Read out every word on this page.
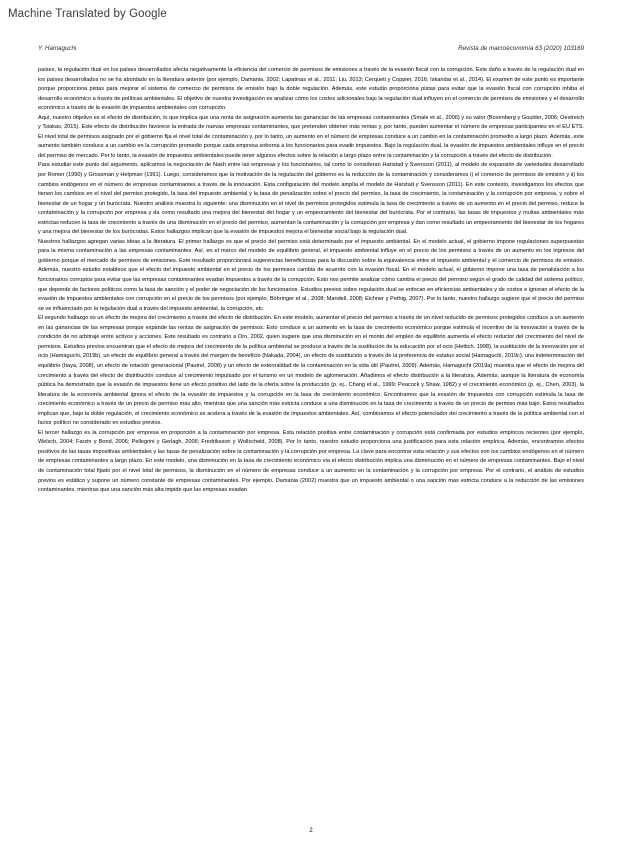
Machine Translated by Google
Y. Hamaguchi	Revista de macroeconomía 63 (2020) 103169

países, la regulación dual en los países desarrollados afecta negativamente la eficiencia del comercio de permisos de emisiones a través de la evasión fiscal con la corrupción. Este daño a través de la regulación dual en los países desarrollados no se ha abordado en la literatura anterior (por ejemplo, Damania, 2002; Lapatinas et al., 2011; Liu, 2013; Cerqueti y Coppier, 2016; Iskandar et al., 2014). El examen de este punto es importante porque proporciona pistas para mejorar el sistema de comercio de permisos de emisión bajo la doble regulación. Además, este estudio proporciona pistas para evitar que la evasión fiscal con corrupción inhiba el desarrollo económico a través de políticas ambientales. El objetivo de nuestra investigación es analizar cómo los costos adicionales bajo la regulación dual influyen en el comercio de permisos de emisiones y el desarrollo económico a través de la evasión de impuestos ambientales con corrupción.

Aquí, nuestro objetivo es el efecto de distribución, lo que implica que una renta de asignación aumenta las ganancias de las empresas contaminantes (Smale et al., 2006) y su valor (Bovenberg y Goulder, 2006; Oestreich y Tsiakas, 2015). Este efecto de distribución favorece la entrada de nuevas empresas contaminantes, que pretenden obtener más rentas y, por tanto, pueden aumentar el número de empresas participantes en el EU ETS. El nivel total de permisos asignado por el gobierno fija el nivel total de contaminación y, por lo tanto, un aumento en el número de empresas conduce a un cambio en la contaminación promedio a largo plazo. Además, este aumento también conduce a un cambio en la corrupción promedio porque cada empresa soborna a los funcionarios para evadir impuestos. Bajo la regulación dual, la evasión de impuestos ambientales influye en el precio del permiso de mercado. Por lo tanto, la evasión de impuestos ambientales puede tener algunos efectos sobre la relación a largo plazo entre la contaminación y la corrupción a través del efecto de distribución.

Para estudiar este punto del argumento, aplicamos la negociación de Nash entre las empresas y los funcionarios, tal como lo consideran Haristad y Svensson (2011), al modelo de expansión de variedades desarrollado por Romer (1990) y Grossman y Helpman (1991). Luego, consideramos que la motivación de la regulación del gobierno es la reducción de la contaminación y consideramos i) el comercio de permisos de emisión y ii) los cambios endógenos en el número de empresas contaminantes a través de la innovación. Esta configuración del modelo amplía el modelo de Harstad y Svensson (2011). En este contexto, investigamos los efectos que tienen los cambios en el nivel del permiso protegido, la tasa del impuesto ambiental y la tasa de penalización sobre el precio del permiso, la tasa de crecimiento, la contaminación y la corrupción por empresa, y sobre el bienestar de un hogar y un burócrata. Nuestro análisis muestra lo siguiente: una disminución en el nivel de permisos protegidos estimula la tasa de crecimiento a través de un aumento en el precio del permiso, reduce la contaminación y la corrupción por empresa y da como resultado una mejora del bienestar del hogar y un empeoramiento del bienestar del burócrata. Por el contrario, las tasas de impuestos y multas ambientales más estrictas reducen la tasa de crecimiento a través de una disminución en el precio del permiso, aumentan la contaminación y la corrupción por empresa y dan como resultado un empeoramiento del bienestar de los hogares y una mejora del bienestar de los burócratas. Estos hallazgos implican que la evasión de impuestos mejora el bienestar social bajo la regulación dual.

Nuestros hallazgos agregan varias ideas a la literatura. El primer hallazgo es que el precio del permiso está determinado por el impuesto ambiental. En el modelo actual, el gobierno impone regulaciones superpuestas para la misma contaminación a las empresas contaminantes. Así, en el marco del modelo de equilibrio general, el impuesto ambiental influye en el precio de los permisos a través de un aumento en los ingresos del gobierno porque el mercado de permisos de emisiones. Este resultado proporcionará sugerencias beneficiosas para la discusión sobre la equivalencia entre el impuesto ambiental y el comercio de permisos de emisión. Además, nuestro estudio establece que el efecto del impuesto ambiental en el precio de los permisos cambia de acuerdo con la evasión fiscal. En el modelo actual, el gobierno impone una tasa de penalización a los funcionarios corruptos para evitar que las empresas contaminantes evadan impuestos a través de la corrupción. Esto nos permite analizar cómo cambia el precio del permiso según el grado de calidad del sistema político, que depende de factores políticos como la tasa de sanción y el poder de negociación de los funcionarios. Estudios previos sobre regulación dual se enfocan en eficiencias ambientales y de costos e ignoran el efecto de la evasión de impuestos ambientales con corrupción en el precio de los permisos (por ejemplo, Böhringer et al., 2008; Mandell, 2008; Eichner y Pethig, 2007). Por lo tanto, nuestro hallazgo sugiere que el precio del permiso se ve influenciado por la regulación dual a través del impuesto ambiental, la corrupción, etc.

El segundo hallazgo es un efecto de mejora del crecimiento a través del efecto de distribución. En este modelo, aumentar el precio del permiso a través de un nivel reducido de permisos protegidos conduce a un aumento en las ganancias de las empresas porque expande las rentas de asignación de permisos. Esto conduce a un aumento en la tasa de crecimiento económico porque estimula el incentivo de la innovación a través de la condición de no arbitraje entre activos y acciones. Este resultado es contrario a Oro, 2002, quien sugiere que una disminución en el monto del empleo de equilibrio aumenta el efecto reductor del crecimiento del nivel de permisos. Estudios previos encuentran que el efecto de mejora del crecimiento de la política ambiental se produce a través de la sustitución de la educación por el ocio (Hettich, 1998), la sustitución de la innovación por el ocio (Hamaguchi, 2019b), un efecto de equilibrio general a través del margen de beneficio (Nakada, 2004), un efecto de sustitución a través de la preferencia de estatus social (Hamaguchi, 2019c), una indeterminación del equilibrio (Itaya, 2008), un efecto de rotación generacional (Pautrel, 2008) y un efecto de externalidad de la contaminación en la vida útil (Pautrel, 2009). Además, Hamaguchi (2019a) muestra que el efecto de mejora del crecimiento a través del efecto de distribución conduce al crecimiento impulsado por el turismo en un modelo de aglomeración. Añadimos el efecto distribución a la literatura. Además, aunque la literatura de economía pública ha demostrado que la evasión de impuestos tiene un efecto positivo del lado de la oferta sobre la producción (p. ej., Chang et al., 1999; Peacock y Shaw, 1982) y el crecimiento económico (p. ej., Chen, 2003), la literatura de la economía ambiental ignora el efecto de la evasión de impuestos y la corrupción en la tasa de crecimiento económico. Encontramos que la evasión de impuestos con corrupción estimula la tasa de crecimiento económico a través de un precio de permiso más alto, mientras que una sanción más estricta conduce a una disminución en la tasa de crecimiento a través de un precio de permiso más bajo. Estos resultados implican que, bajo la doble regulación, el crecimiento económico se acelera a través de la evasión de impuestos ambientales. Así, combinamos el efecto potenciador del crecimiento a través de la política ambiental con el factor político no considerado en estudios previos.

El tercer hallazgo es la corrupción por empresa en proporción a la contaminación por empresa. Esta relación positiva entre contaminación y corrupción está confirmada por estudios empíricos recientes (por ejemplo, Welsch, 2004; Farzin y Bond, 2006; Pellegrini y Gerlagh, 2006; Fredriksson y Wollscheid, 2008). Por lo tanto, nuestro estudio proporciona una justificación para esta relación empírica. Además, encontramos efectos positivos de las tasas impositivas ambientales y las tasas de penalización sobre la contaminación y la corrupción por empresa. La clave para encontrar esta relación y sus efectos son los cambios endógenos en el número de empresas contaminantes a largo plazo. En este modelo, una disminución en la tasa de crecimiento económico vía el efecto distribución implica una disminución en el número de empresas contaminantes. Bajo el nivel de contaminación total fijado por el nivel total de permisos, la disminución en el número de empresas conduce a un aumento en la contaminación y la corrupción por empresa. Por el contrario, el análisis de estudios previos es estático y supone un número constante de empresas contaminantes. Por ejemplo, Damania (2002) muestra que un impuesto ambiental o una sanción más estricta conduce a la reducción de las emisiones contaminantes, mientras que una sanción más alta impide que las empresas evadan

2
